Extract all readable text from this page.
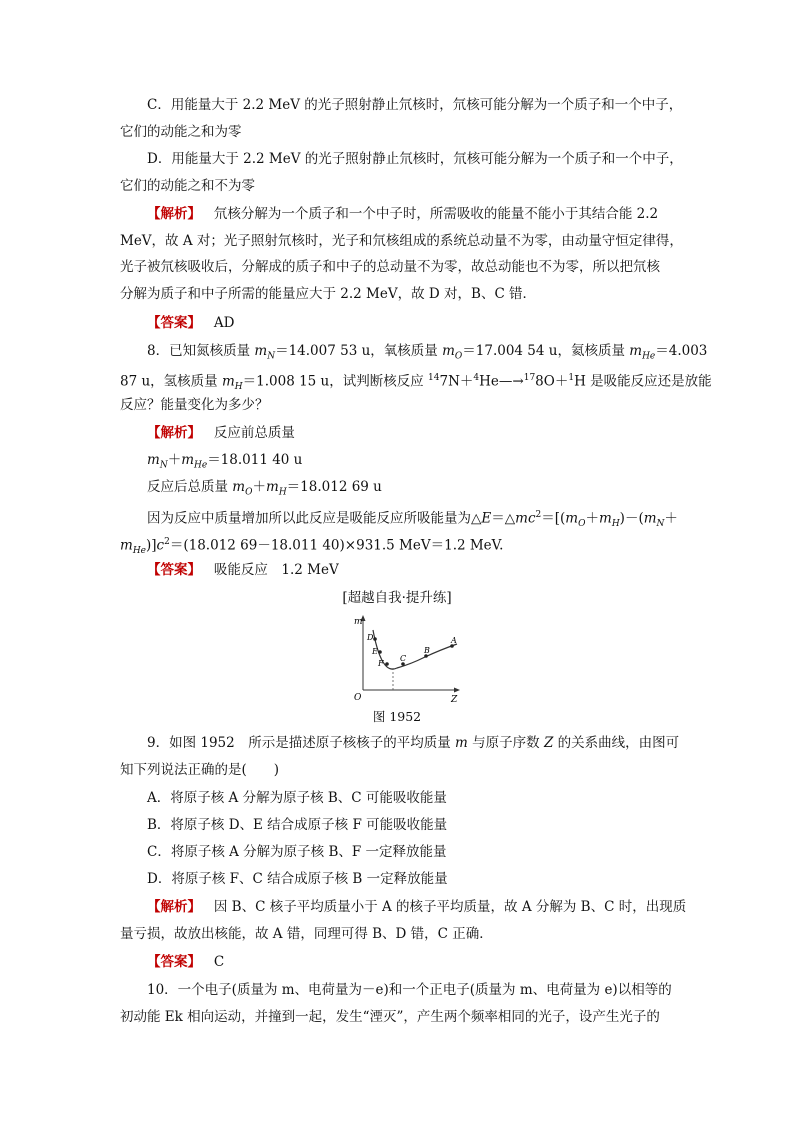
C．用能量大于 2.2 MeV 的光子照射静止氘核时，氘核可能分解为一个质子和一个中子，
它们的动能之和为零
D．用能量大于 2.2 MeV 的光子照射静止氘核时，氘核可能分解为一个质子和一个中子，
它们的动能之和不为零
【解析】 氘核分解为一个质子和一个中子时，所需吸收的能量不能小于其结合能 2.2
MeV，故 A 对；光子照射氘核时，光子和氘核组成的系统总动量不为零，由动量守恒定律得，
光子被氘核吸收后，分解成的质子和中子的总动量不为零，故总动能也不为零，所以把氘核
分解为质子和中子所需的能量应大于 2.2 MeV，故 D 对，B、C 错．
【答案】 AD
8．已知氮核质量 $m_N=14.007$ 53 u，氧核质量 $m_O=17.004$ 54 u，氦核质量 $m_{He}=4.003$
87 u，氢核质量 $m_H=1.008$ 15 u，试判断核反应 $^{14}$7N＋$^4$He—→$^{17}$8O＋$^1$H 是吸能反应还是放能
反应？能量变化为多少？
【解析】 反应前总质量
$m_N+m_{He}=18.011$ 40 u
反应后总质量 $m_O+m_H=18.012$ 69 u
因为反应中质量增加所以此反应是吸能反应所吸能量为$\triangle E=\triangle mc^2=[(m_O+m_H)-(m_N+$
$m_{He})]c^2=(18.012$ 69－18.011 40)×931.5 MeV＝1.2 MeV.
【答案】 吸能反应　1.2 MeV
[超越自我·提升练]
m
Z
O
D
E
F
C
B
A
图 1952
9．如图 1952　所示是描述原子核核子的平均质量 m 与原子序数 Z 的关系曲线，由图可
知下列说法正确的是(　　)
A．将原子核 A 分解为原子核 B、C 可能吸收能量
B．将原子核 D、E 结合成原子核 F 可能吸收能量
C．将原子核 A 分解为原子核 B、F 一定释放能量
D．将原子核 F、C 结合成原子核 B 一定释放能量
【解析】 因 B、C 核子平均质量小于 A 的核子平均质量，故 A 分解为 B、C 时，出现质
量亏损，故放出核能，故 A 错，同理可得 B、D 错，C 正确．
【答案】 C
10．一个电子(质量为 m、电荷量为－e)和一个正电子(质量为 m、电荷量为 e)以相等的
初动能 Ek 相向运动，并撞到一起，发生“湮灭”，产生两个频率相同的光子，设产生光子的
